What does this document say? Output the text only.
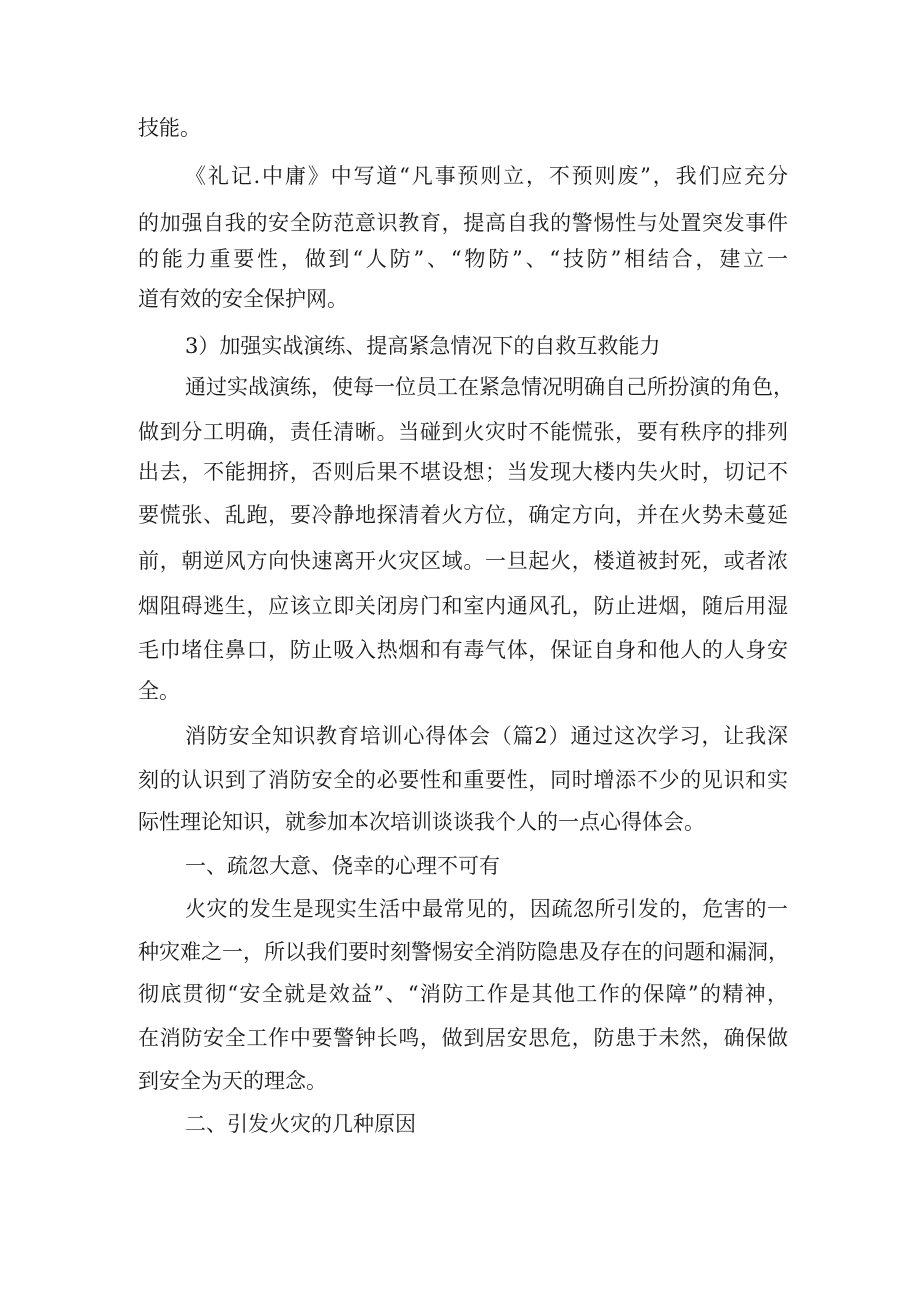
技能。
《礼记.中庸》中写道“凡事预则立，不预则废”，我们应充分
的加强自我的安全防范意识教育，提高自我的警惕性与处置突发事件
的能力重要性，做到“人防”、“物防”、“技防”相结合，建立一
道有效的安全保护网。
3）加强实战演练、提高紧急情况下的自救互救能力
通过实战演练，使每一位员工在紧急情况明确自己所扮演的角色，
做到分工明确，责任清晰。当碰到火灾时不能慌张，要有秩序的排列
出去，不能拥挤，否则后果不堪设想；当发现大楼内失火时，切记不
要慌张、乱跑，要冷静地探清着火方位，确定方向，并在火势未蔓延
前，朝逆风方向快速离开火灾区域。一旦起火，楼道被封死，或者浓
烟阻碍逃生，应该立即关闭房门和室内通风孔，防止进烟，随后用湿
毛巾堵住鼻口，防止吸入热烟和有毒气体，保证自身和他人的人身安
全。
消防安全知识教育培训心得体会（篇2）通过这次学习，让我深
刻的认识到了消防安全的必要性和重要性，同时增添不少的见识和实
际性理论知识，就参加本次培训谈谈我个人的一点心得体会。
一、疏忽大意、侥幸的心理不可有
火灾的发生是现实生活中最常见的，因疏忽所引发的，危害的一
种灾难之一，所以我们要时刻警惕安全消防隐患及存在的问题和漏洞，
彻底贯彻“安全就是效益”、“消防工作是其他工作的保障”的精神，
在消防安全工作中要警钟长鸣，做到居安思危，防患于未然，确保做
到安全为天的理念。
二、引发火灾的几种原因
